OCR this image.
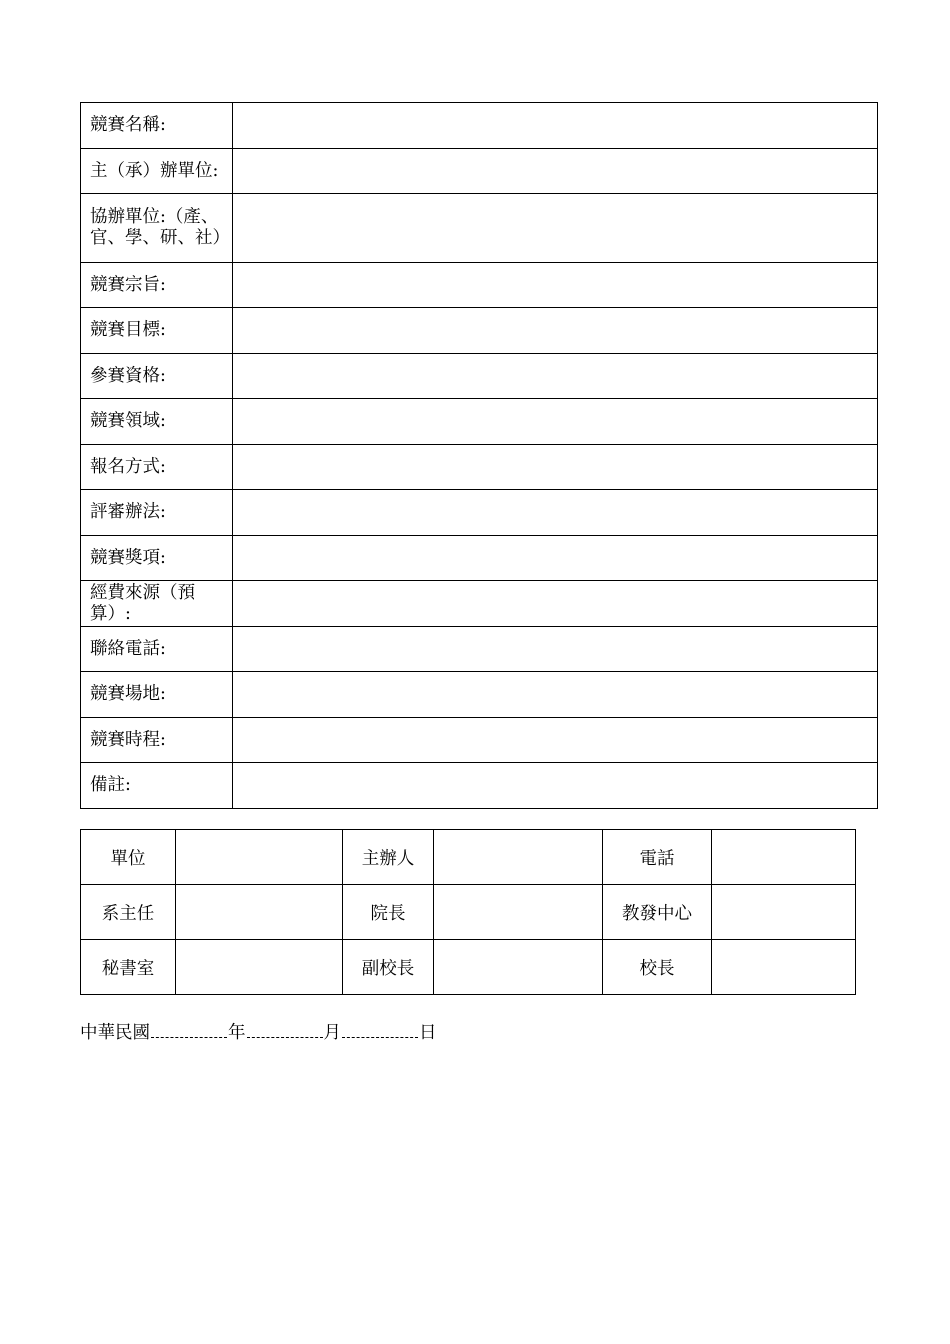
競賽名稱:	
主（承）辦單位:	
協辦單位:（產、官、學、研、社）	
競賽宗旨:	
競賽目標:	
參賽資格:	
競賽領域:	
報名方式:	
評審辦法:	
競賽獎項:	
經費來源（預算）:	
聯絡電話:	
競賽場地:	
競賽時程:	
備註:	
單位		主辦人		電話	
系主任		院長		教發中心	
秘書室		副校長		校長	
中華民國	年	月	日
